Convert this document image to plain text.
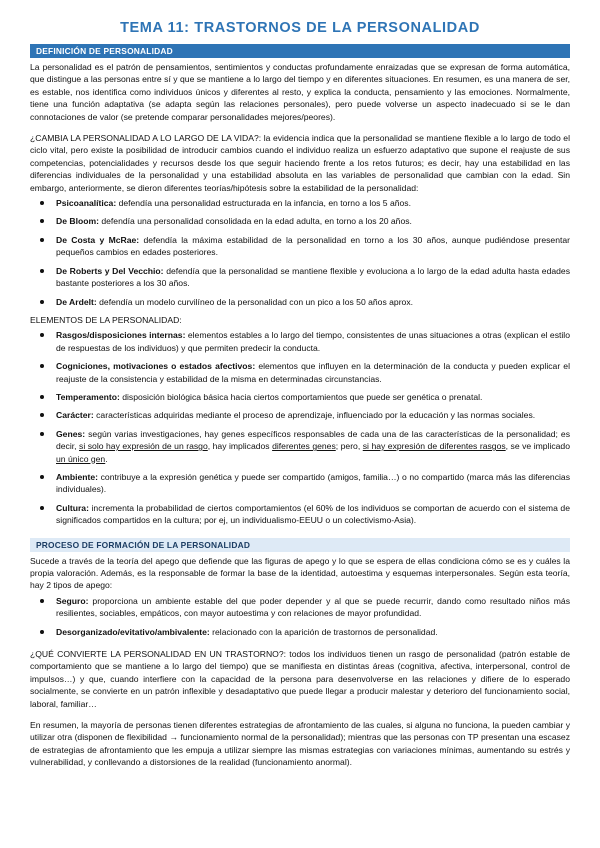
TEMA 11: TRASTORNOS DE LA PERSONALIDAD
DEFINICIÓN DE PERSONALIDAD

La personalidad es el patrón de pensamientos, sentimientos y conductas profundamente enraizadas que se expresan de forma automática, que distingue a las personas entre sí y que se mantiene a lo largo del tiempo y en diferentes situaciones. En resumen, es una manera de ser, es estable, nos identifica como individuos únicos y diferentes al resto, y explica la conducta, pensamiento y las emociones. Normalmente, tiene una función adaptativa (se adapta según las relaciones personales), pero puede volverse un aspecto inadecuado si se le dan connotaciones de valor (se pretende comparar personalidades mejores/peores).

¿CAMBIA LA PERSONALIDAD A LO LARGO DE LA VIDA?: la evidencia indica que la personalidad se mantiene flexible a lo largo de todo el ciclo vital, pero existe la posibilidad de introducir cambios cuando el individuo realiza un esfuerzo adaptativo que supone el reajuste de sus competencias, potencialidades y recursos desde los que seguir haciendo frente a los retos futuros; es decir, hay una estabilidad en las diferencias individuales de la personalidad y una estabilidad absoluta en las variables de personalidad que cambian con la edad. Sin embargo, anteriormente, se dieron diferentes teorías/hipótesis sobre la estabilidad de la personalidad:

Psicoanalítica: defendía una personalidad estructurada en la infancia, en torno a los 5 años.
De Bloom: defendía una personalidad consolidada en la edad adulta, en torno a los 20 años.
De Costa y McRae: defendía la máxima estabilidad de la personalidad en torno a los 30 años, aunque pudiéndose presentar pequeños cambios en edades posteriores.
De Roberts y Del Vecchio: defendía que la personalidad se mantiene flexible y evoluciona a lo largo de la edad adulta hasta edades bastante posteriores a los 30 años.
De Ardelt: defendía un modelo curvilíneo de la personalidad con un pico a los 50 años aprox.

ELEMENTOS DE LA PERSONALIDAD:

Rasgos/disposiciones internas: elementos estables a lo largo del tiempo, consistentes de unas situaciones a otras (explican el estilo de respuestas de los individuos) y que permiten predecir la conducta.
Cogniciones, motivaciones o estados afectivos: elementos que influyen en la determinación de la conducta y pueden explicar el reajuste de la consistencia y estabilidad de la misma en determinadas circunstancias.
Temperamento: disposición biológica básica hacia ciertos comportamientos que puede ser genética o prenatal.
Carácter: características adquiridas mediante el proceso de aprendizaje, influenciado por la educación y las normas sociales.
Genes: según varias investigaciones, hay genes específicos responsables de cada una de las características de la personalidad; es decir, si solo hay expresión de un rasgo, hay implicados diferentes genes; pero, si hay expresión de diferentes rasgos, se ve implicado un único gen.
Ambiente: contribuye a la expresión genética y puede ser compartido (amigos, familia…) o no compartido (marca más las diferencias individuales).
Cultura: incrementa la probabilidad de ciertos comportamientos (el 60% de los individuos se comportan de acuerdo con el sistema de significados compartidos en la cultura; por ej, un individualismo-EEUU o un colectivismo-Asia).
PROCESO DE FORMACIÓN DE LA PERSONALIDAD

Sucede a través de la teoría del apego que defiende que las figuras de apego y lo que se espera de ellas condiciona cómo se es y cuáles la propia valoración. Además, es la responsable de formar la base de la identidad, autoestima y esquemas interpersonales. Según esta teoría, hay 2 tipos de apego:

Seguro: proporciona un ambiente estable del que poder depender y al que se puede recurrir, dando como resultado niños más resilientes, sociables, empáticos, con mayor autoestima y con relaciones de mayor profundidad.
Desorganizado/evitativo/ambivalente: relacionado con la aparición de trastornos de personalidad.

¿QUÉ CONVIERTE LA PERSONALIDAD EN UN TRASTORNO?: todos los individuos tienen un rasgo de personalidad (patrón estable de comportamiento que se mantiene a lo largo del tiempo) que se manifiesta en distintas áreas (cognitiva, afectiva, interpersonal, control de impulsos…) y que, cuando interfiere con la capacidad de la persona para desenvolverse en las relaciones y difiere de lo esperado socialmente, se convierte en un patrón inflexible y desadaptativo que puede llegar a producir malestar y deterioro del funcionamiento social, laboral, familiar…

En resumen, la mayoría de personas tienen diferentes estrategias de afrontamiento de las cuales, si alguna no funciona, la pueden cambiar y utilizar otra (disponen de flexibilidad → funcionamiento normal de la personalidad); mientras que las personas con TP presentan una escasez de estrategias de afrontamiento que les empuja a utilizar siempre las mismas estrategias con variaciones mínimas, aumentando su estrés y vulnerabilidad, y conllevando a distorsiones de la realidad (funcionamiento anormal).
